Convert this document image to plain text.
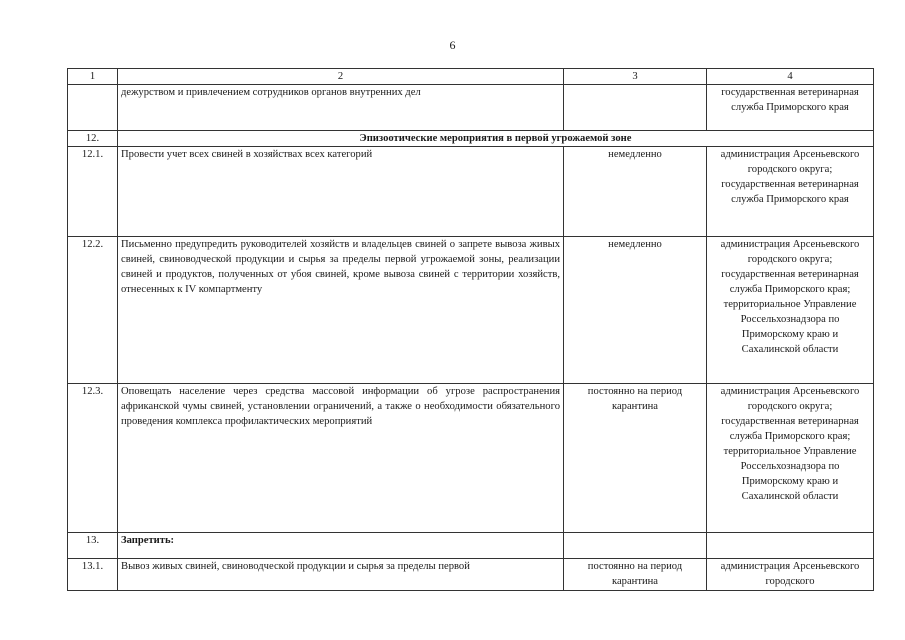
6
1	2	3	4
	дежурством и привлечением сотрудников органов внутренних дел		государственная ветеринарная служба Приморского края
12.	Эпизоотические мероприятия в первой угрожаемой зоне		
12.1.	Провести учет всех свиней в хозяйствах всех категорий	немедленно	администрация Арсеньевского городского округа; государственная ветеринарная служба Приморского края
12.2.	Письменно предупредить руководителей хозяйств и владельцев свиней о запрете вывоза живых свиней, свиноводческой продукции и сырья за пределы первой угрожаемой зоны, реализации свиней и продуктов, полученных от убоя свиней, кроме вывоза свиней с территории хозяйств, отнесенных к IV компартменту	немедленно	администрация Арсеньевского городского округа; государственная ветеринарная служба Приморского края; территориальное Управление Россельхознадзора по Приморскому краю и Сахалинской области
12.3.	Оповещать население через средства массовой информации об угрозе распространения африканской чумы свиней, установлении ограничений, а также о необходимости обязательного проведения комплекса профилактических мероприятий	постоянно на период карантина	администрация Арсеньевского городского округа; государственная ветеринарная служба Приморского края; территориальное Управление Россельхознадзора по Приморскому краю и Сахалинской области
13.	Запретить:		
13.1.	Вывоз живых свиней, свиноводческой продукции и сырья за пределы первой	постоянно на период карантина	администрация Арсеньевского городского
